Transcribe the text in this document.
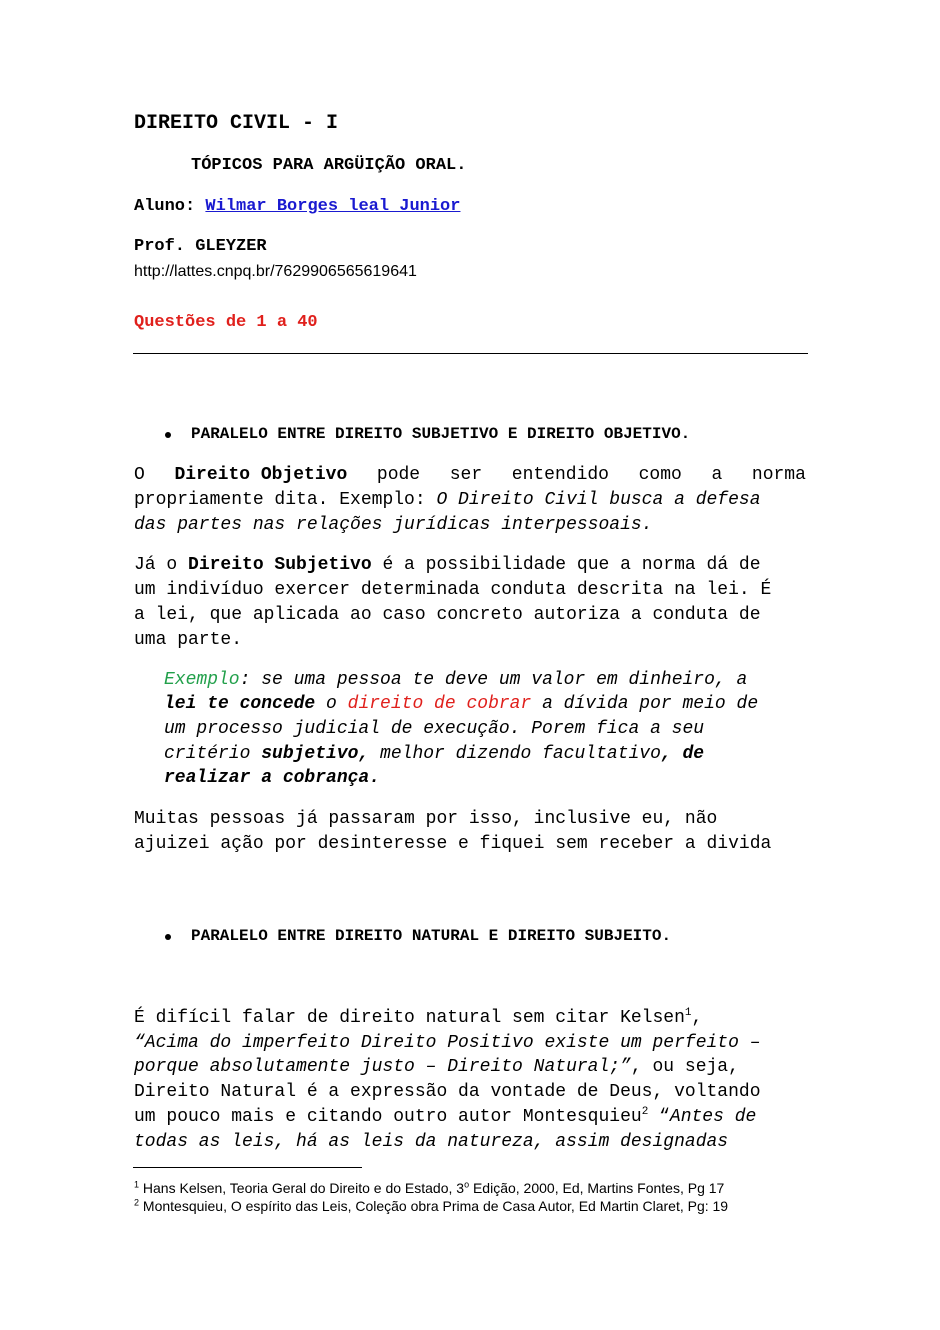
DIREITO CIVIL - I
TÓPICOS PARA ARGÜIÇÃO ORAL.
Aluno: Wilmar Borges leal Junior
Prof. GLEYZER
http://lattes.cnpq.br/7629906565619641
Questões de 1 a 40
PARALELO ENTRE DIREITO SUBJETIVO E DIREITO OBJETIVO.
O Direito Objetivo pode ser entendido como a norma
propriamente dita. Exemplo: O Direito Civil busca a defesa
das partes nas relações jurídicas interpessoais.
Já o Direito Subjetivo é a possibilidade que a norma dá de
um indivíduo exercer determinada conduta descrita na lei. É
a lei, que aplicada ao caso concreto autoriza a conduta de
uma parte.
Exemplo: se uma pessoa te deve um valor em dinheiro, a
lei te concede o direito de cobrar a dívida por meio de
um processo judicial de execução. Porem fica a seu
critério subjetivo, melhor dizendo facultativo, de
realizar a cobrança.
Muitas pessoas já passaram por isso, inclusive eu, não
ajuizei ação por desinteresse e fiquei sem receber a divida
PARALELO ENTRE DIREITO NATURAL E DIREITO SUBJEITO.
É difícil falar de direito natural sem citar Kelsen$^1$,
“Acima do imperfeito Direito Positivo existe um perfeito –
porque absolutamente justo – Direito Natural;”, ou seja,
Direito Natural é a expressão da vontade de Deus, voltando
um pouco mais e citando outro autor Montesquieu$^2$ “Antes de
todas as leis, há as leis da natureza, assim designadas
$^1$ Hans Kelsen, Teoria Geral do Direito e do Estado, 3$^o$ Edição, 2000, Ed, Martins Fontes, Pg 17
$^2$ Montesquieu, O espírito das Leis, Coleção obra Prima de Casa Autor, Ed Martin Claret, Pg: 19
